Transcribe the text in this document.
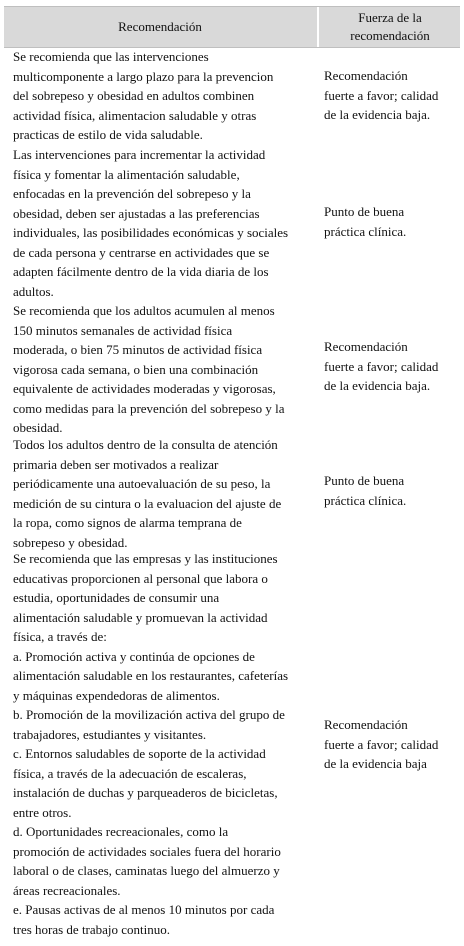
Recomendación
Fuerza de la
recomendación
Se recomienda que las intervenciones
multicomponente a largo plazo para la prevencion
del sobrepeso y obesidad en adultos combinen
actividad física, alimentacion saludable y otras
practicas de estilo de vida saludable.
Recomendación
fuerte a favor; calidad
de la evidencia baja.
Las intervenciones para incrementar la actividad
física y fomentar la alimentación saludable,
enfocadas en la prevención del sobrepeso y la
obesidad, deben ser ajustadas a las preferencias
individuales, las posibilidades económicas y sociales
de cada persona y centrarse en actividades que se
adapten fácilmente dentro de la vida diaria de los
adultos.
Punto de buena
práctica clínica.
Se recomienda que los adultos acumulen al menos
150 minutos semanales de actividad física
moderada, o bien 75 minutos de actividad física
vigorosa cada semana, o bien una combinación
equivalente de actividades moderadas y vigorosas,
como medidas para la prevención del sobrepeso y la
obesidad.
Recomendación
fuerte a favor; calidad
de la evidencia baja.
Todos los adultos dentro de la consulta de atención
primaria deben ser motivados a realizar
periódicamente una autoevaluación de su peso, la
medición de su cintura o la evaluacion del ajuste de
la ropa, como signos de alarma temprana de
sobrepeso y obesidad.
Punto de buena
práctica clínica.
Se recomienda que las empresas y las instituciones
educativas proporcionen al personal que labora o
estudia, oportunidades de consumir una
alimentación saludable y promuevan la actividad
física, a través de:
a. Promoción activa y continúa de opciones de
alimentación saludable en los restaurantes, cafeterías
y máquinas expendedoras de alimentos.
b. Promoción de la movilización activa del grupo de
trabajadores, estudiantes y visitantes.
c. Entornos saludables de soporte de la actividad
física, a través de la adecuación de escaleras,
instalación de duchas y parqueaderos de bicicletas,
entre otros.
d. Oportunidades recreacionales, como la
promoción de actividades sociales fuera del horario
laboral o de clases, caminatas luego del almuerzo y
áreas recreacionales.
e. Pausas activas de al menos 10 minutos por cada
tres horas de trabajo continuo.
Recomendación
fuerte a favor; calidad
de la evidencia baja
